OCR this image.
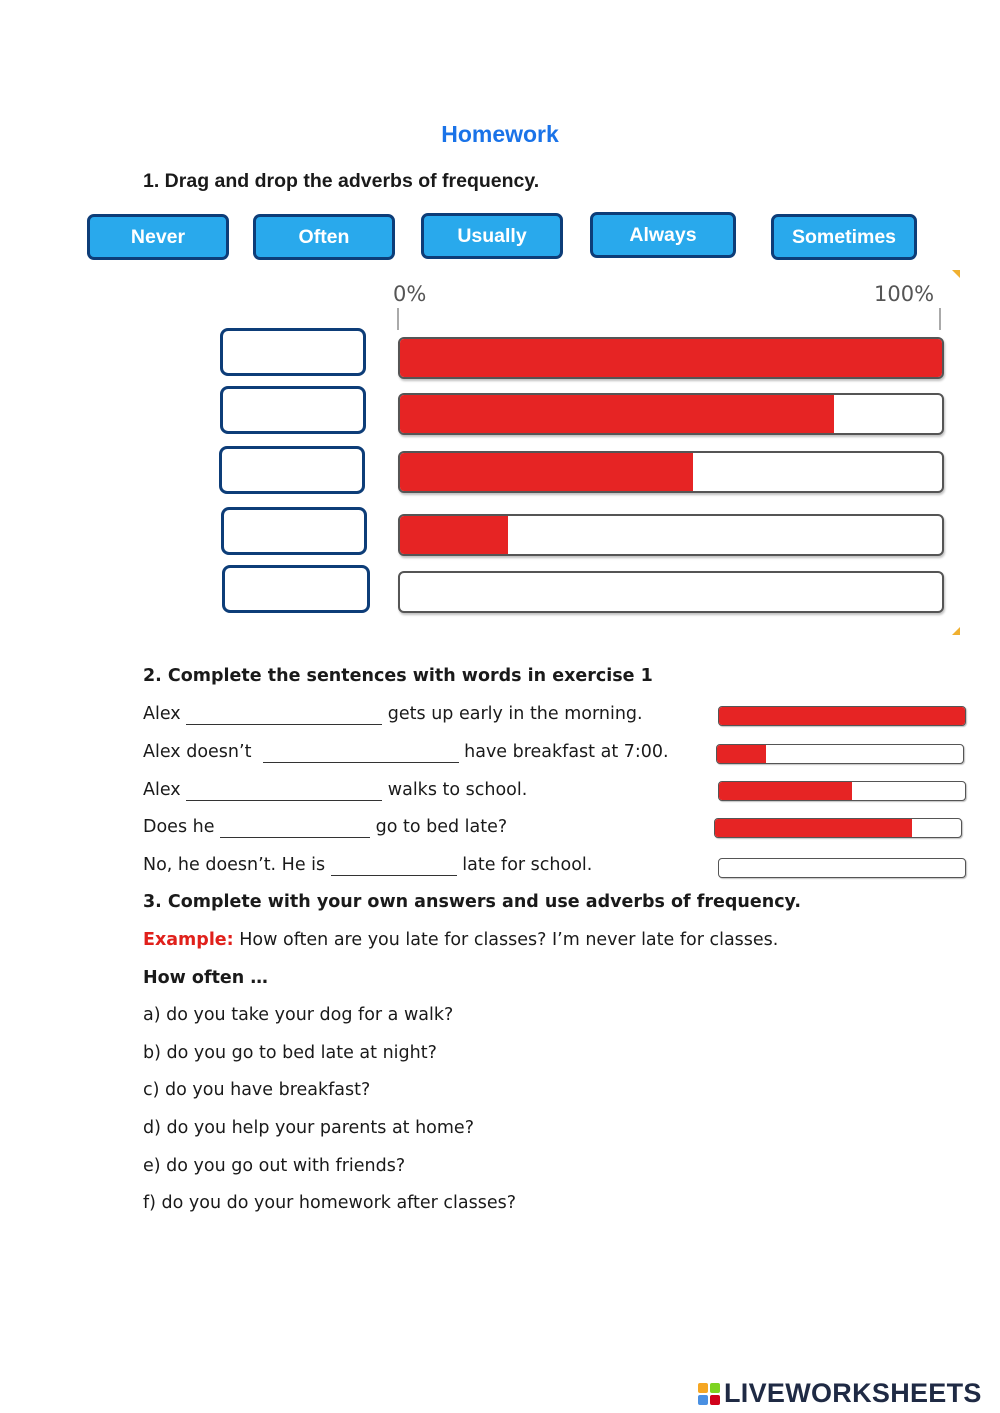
Homework
1. Drag and drop the adverbs of frequency.
Never	Often	Usually	Always	Sometimes
0%	100%
2. Complete the sentences with words in exercise 1
Alex	gets up early in the morning.
Alex doesn’t	have breakfast at 7:00.
Alex	walks to school.
Does he	go to bed late?
No, he doesn’t. He is	late for school.
3. Complete with your own answers and use adverbs of frequency.
Example: How often are you late for classes? I’m never late for classes.
How often …
a) do you take your dog for a walk?
b) do you go to bed late at night?
c) do you have breakfast?
d) do you help your parents at home?
e) do you go out with friends?
f) do you do your homework after classes?
LIVEWORKSHEETS
